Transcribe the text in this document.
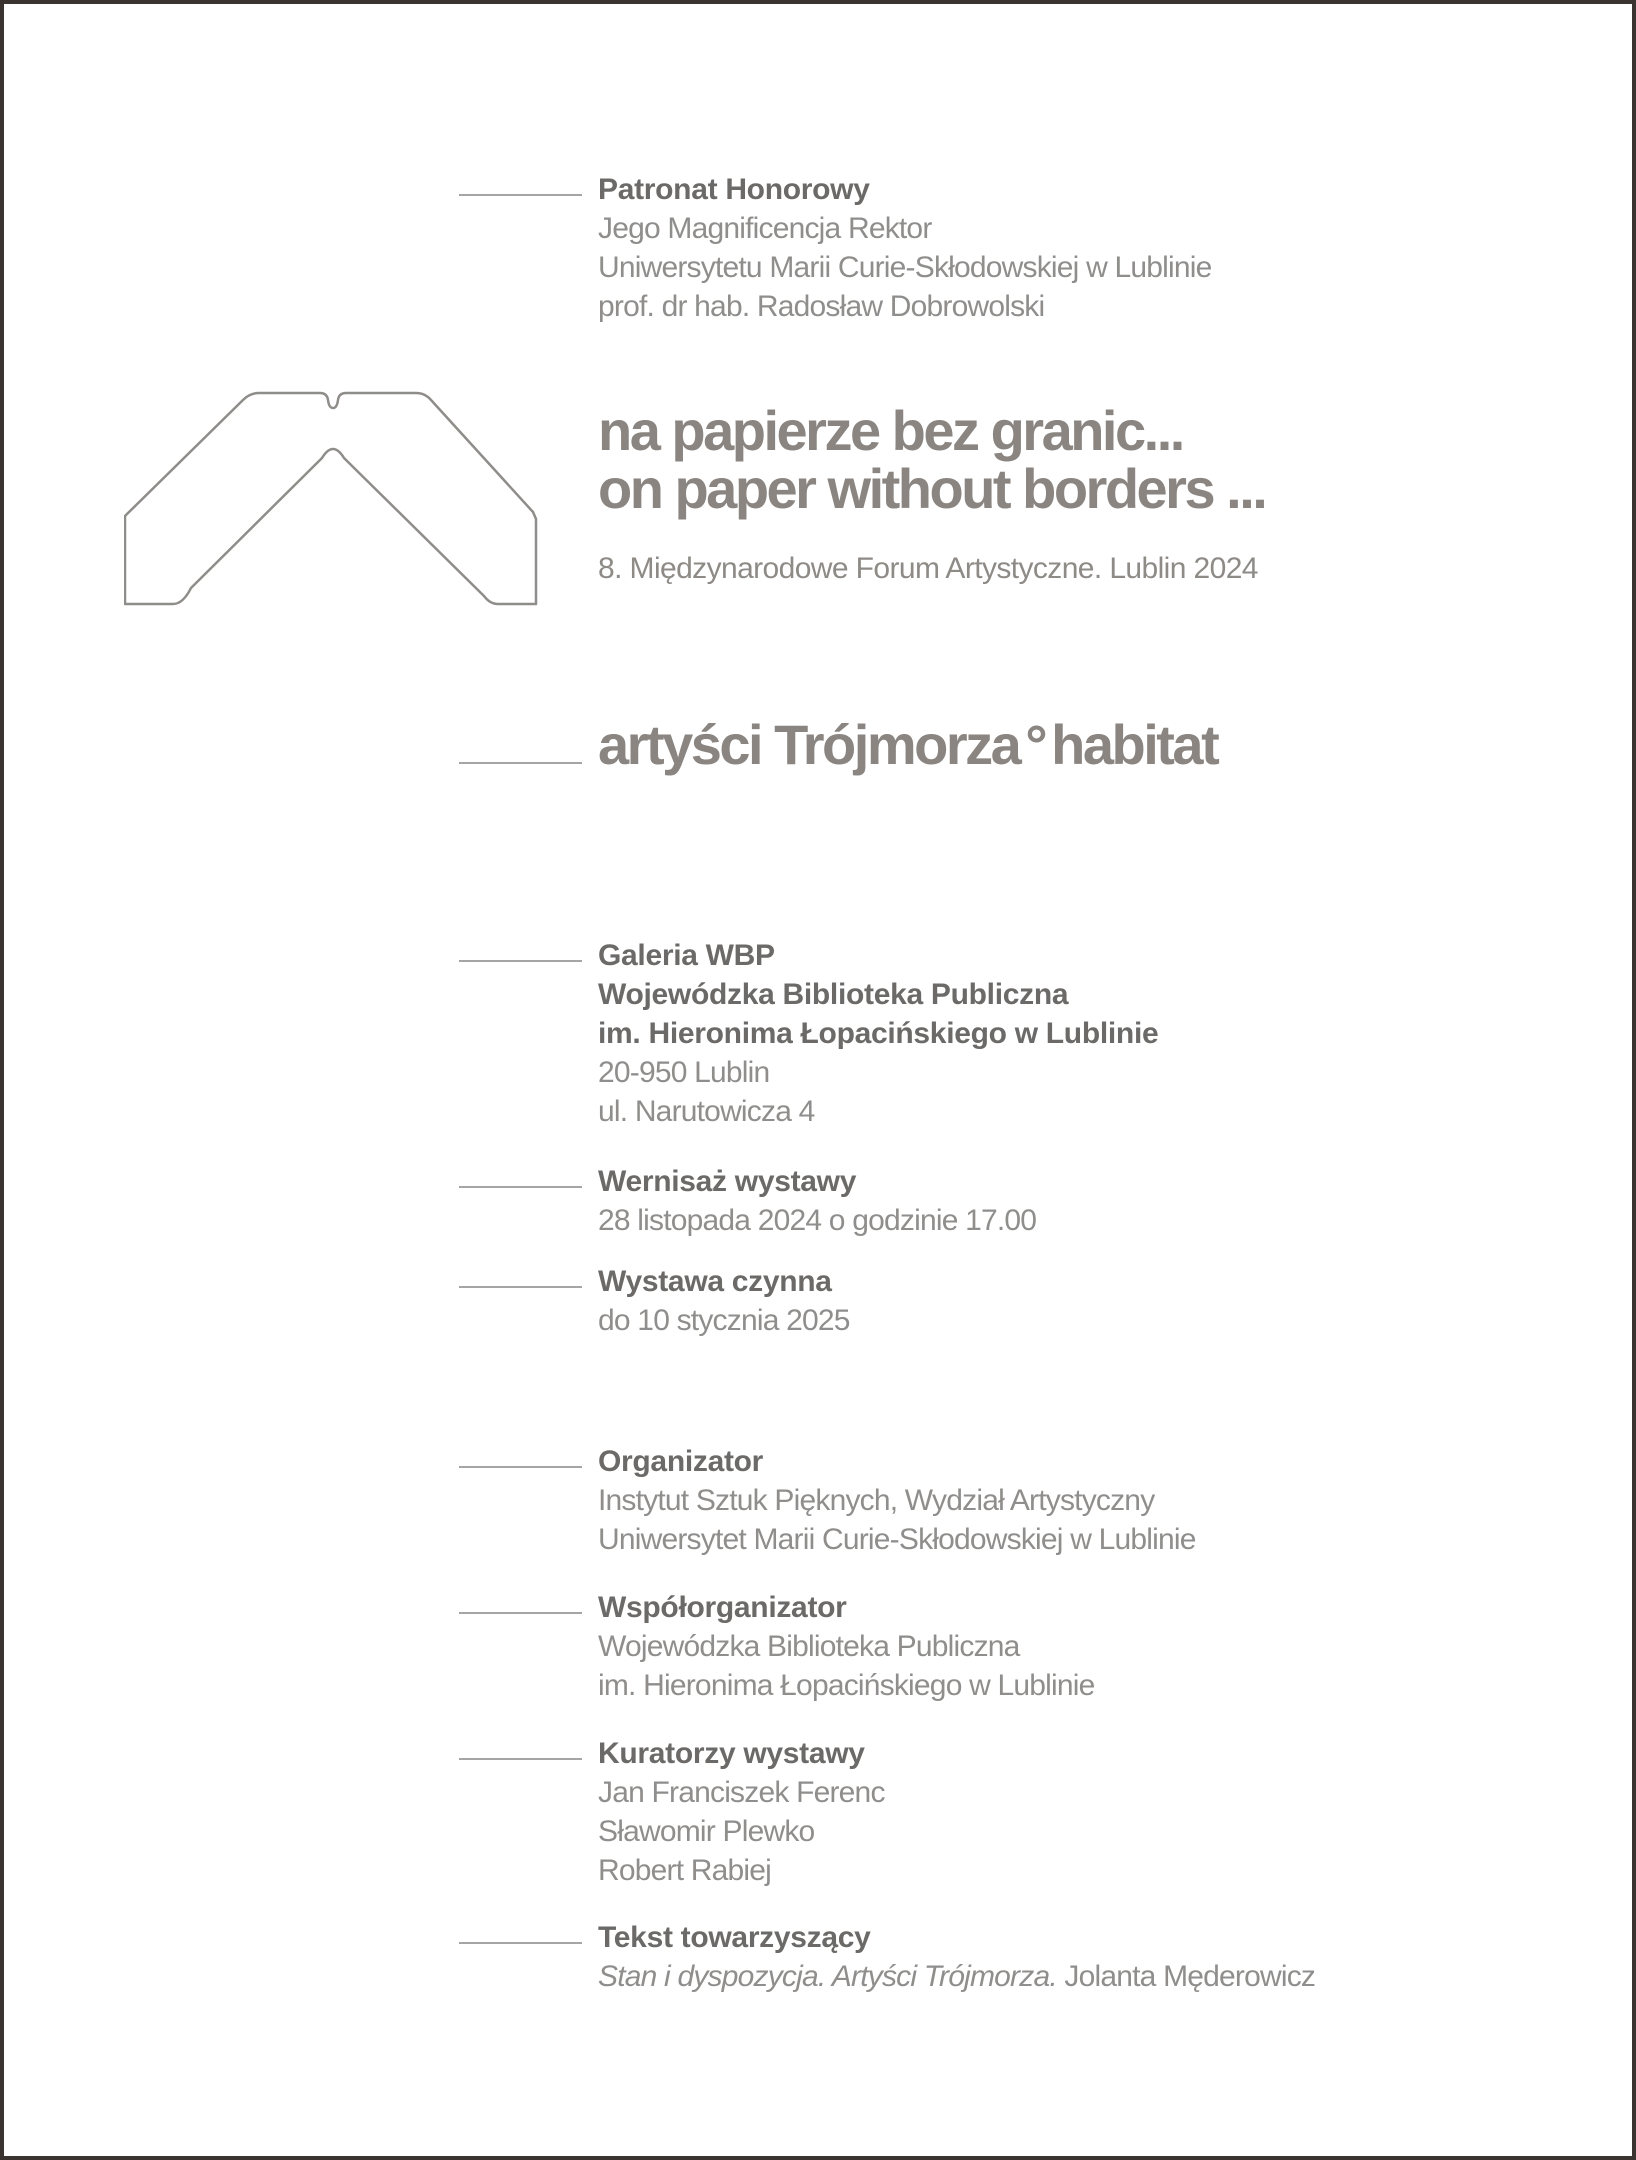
Patronat Honorowy
Jego Magnificencja Rektor
Uniwersytetu Marii Curie-Skłodowskiej w Lublinie
prof. dr hab. Radosław Dobrowolski
na papierze bez granic...
on paper without borders ...
8. Międzynarodowe Forum Artystyczne. Lublin 2024
artyści Trójmorza ° habitat
Galeria WBP
Wojewódzka Biblioteka Publiczna
im. Hieronima Łopacińskiego w Lublinie
20-950 Lublin
ul. Narutowicza 4
Wernisaż wystawy
28 listopada 2024 o godzinie 17.00
Wystawa czynna
do 10 stycznia 2025
Organizator
Instytut Sztuk Pięknych, Wydział Artystyczny
Uniwersytet Marii Curie-Skłodowskiej w Lublinie
Współorganizator
Wojewódzka Biblioteka Publiczna
im. Hieronima Łopacińskiego w Lublinie
Kuratorzy wystawy
Jan Franciszek Ferenc
Sławomir Plewko
Robert Rabiej
Tekst towarzyszący
Stan i dyspozycja. Artyści Trójmorza. Jolanta Męderowicz
